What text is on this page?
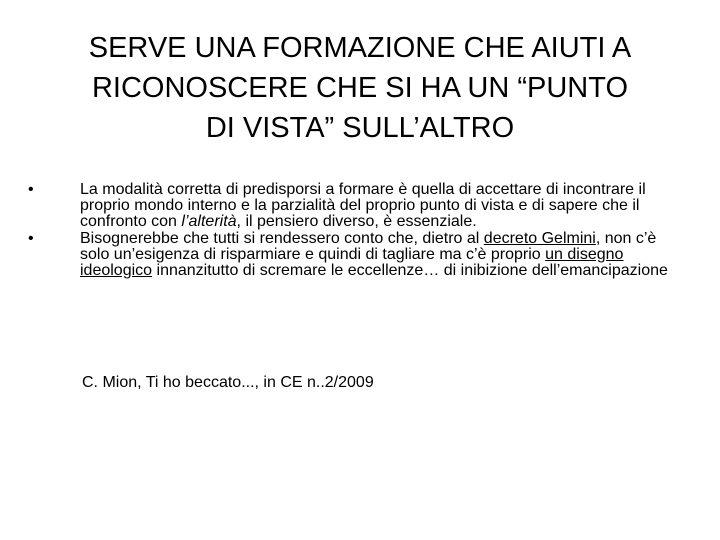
SERVE UNA FORMAZIONE CHE AIUTI A
RICONOSCERE CHE SI HA UN “PUNTO
DI VISTA” SULL’ALTRO
•	La modalità corretta di predisporsi a formare è quella di accettare di incontrare il proprio mondo interno e la parzialità del proprio punto di vista e di sapere che il confronto con l’alterità, il pensiero diverso, è essenziale.
•	Bisognerebbe che tutti si rendessero conto che, dietro al decreto Gelmini, non c’è solo un’esigenza di risparmiare e quindi di tagliare ma c’è proprio un disegno ideologico innanzitutto di scremare le eccellenze… di inibizione dell’emancipazione

C. Mion, Ti ho beccato..., in CE n..2/2009
